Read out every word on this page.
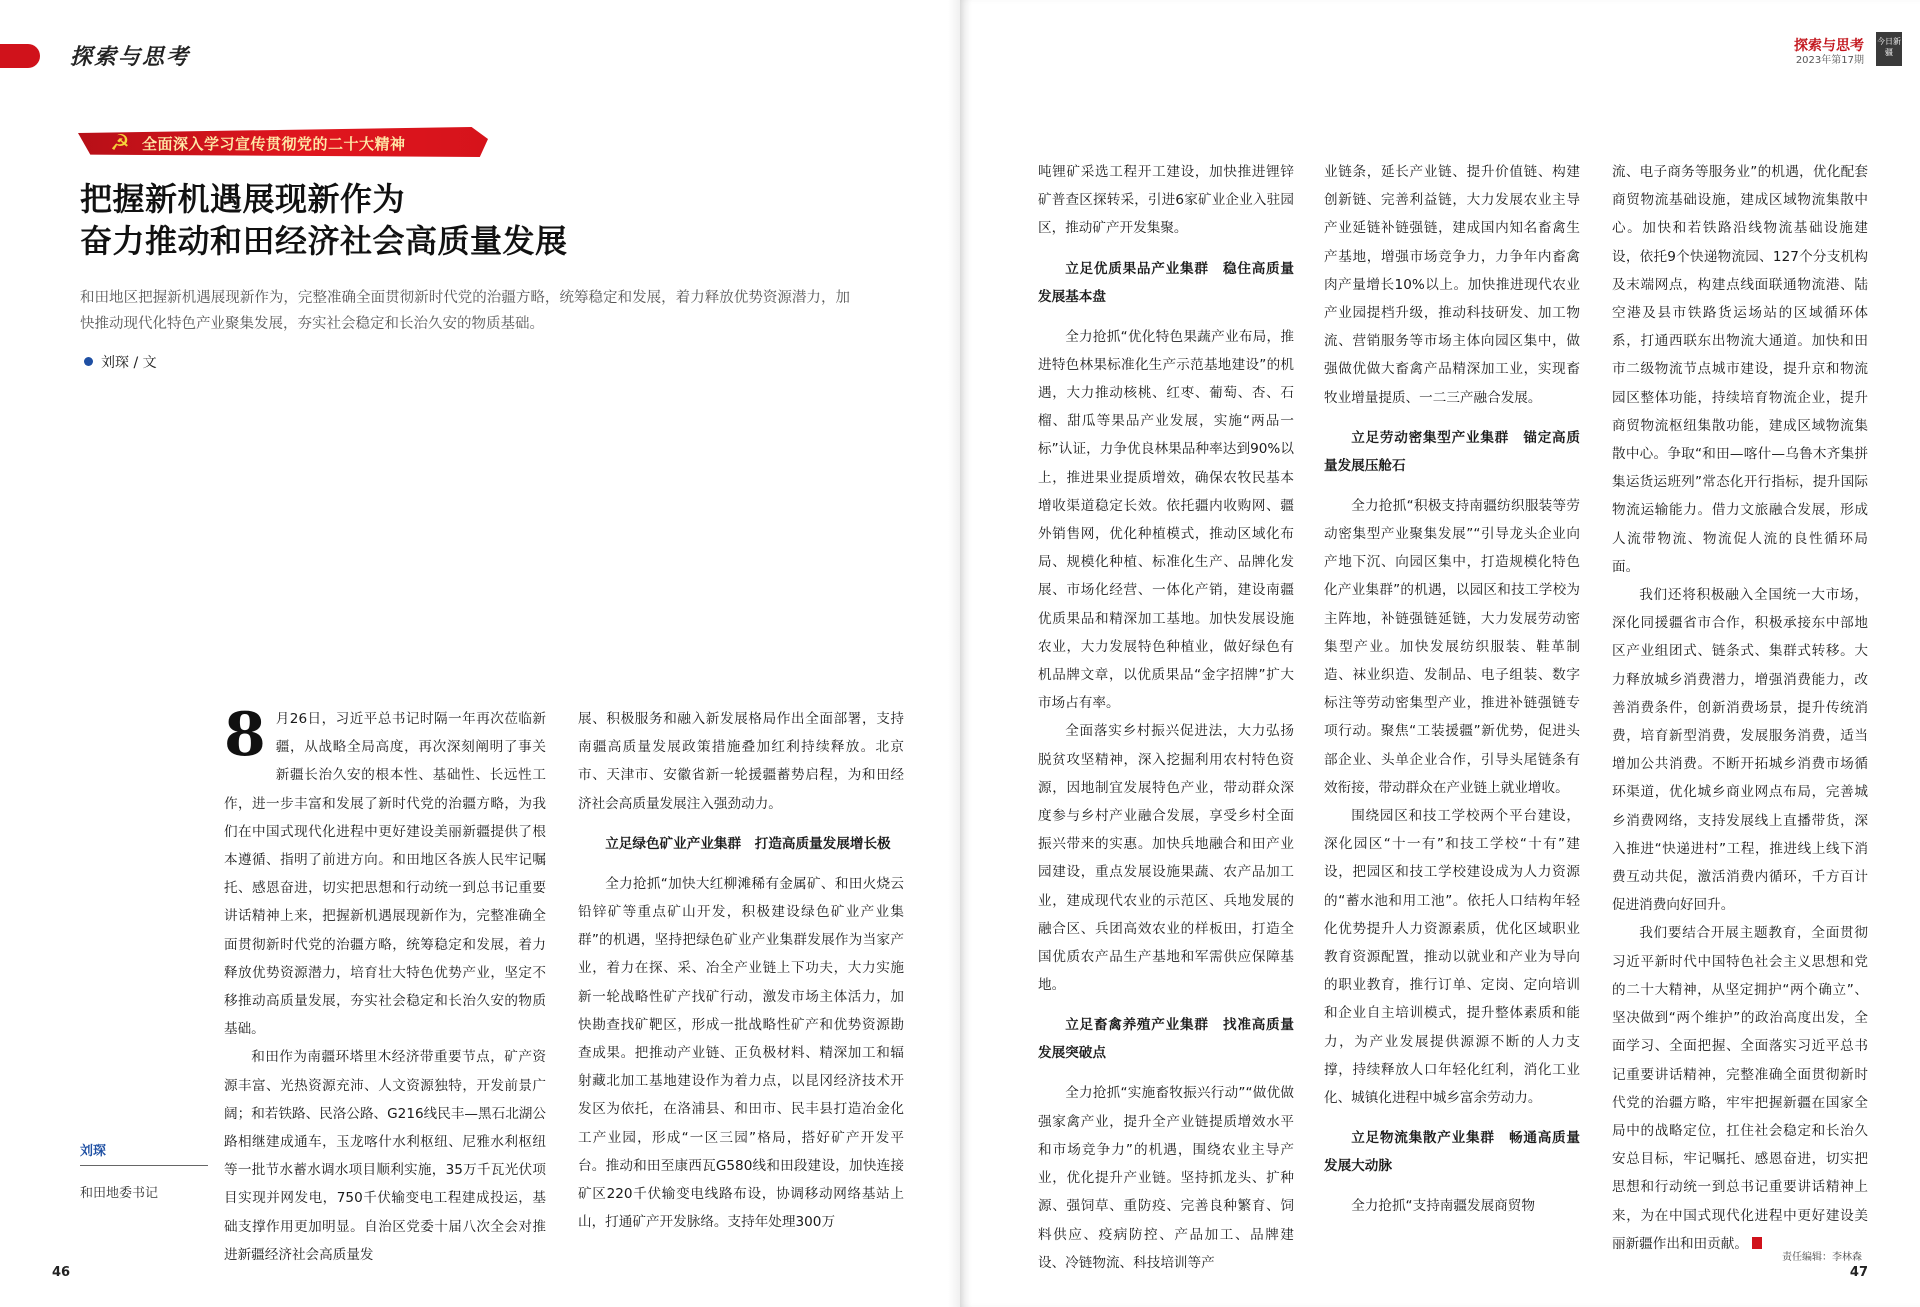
探索与思考
☭ 全面深入学习宣传贯彻党的二十大精神
把握新机遇展现新作为
奋力推动和田经济社会高质量发展
和田地区把握新机遇展现新作为，完整准确全面贯彻新时代党的治疆方略，统筹稳定和发展，着力释放优势资源潜力，加快推动现代化特色产业聚集发展，夯实社会稳定和长治久安的物质基础。
刘琛 / 文

8 月26日，习近平总书记时隔一年再次莅临新疆，从战略全局高度，再次深刻阐明了事关新疆长治久安的根本性、基础性、长远性工作，进一步丰富和发展了新时代党的治疆方略，为我们在中国式现代化进程中更好建设美丽新疆提供了根本遵循、指明了前进方向。和田地区各族人民牢记嘱托、感恩奋进，切实把思想和行动统一到总书记重要讲话精神上来，把握新机遇展现新作为，完整准确全面贯彻新时代党的治疆方略，统筹稳定和发展，着力释放优势资源潜力，培育壮大特色优势产业，坚定不移推动高质量发展，夯实社会稳定和长治久安的物质基础。

和田作为南疆环塔里木经济带重要节点，矿产资源丰富、光热资源充沛、人文资源独特，开发前景广阔；和若铁路、民洛公路、G216线民丰—黑石北湖公路相继建成通车，玉龙喀什水利枢纽、尼雅水利枢纽等一批节水蓄水调水项目顺利实施，35万千瓦光伏项目实现并网发电，750千伏输变电工程建成投运，基础支撑作用更加明显。自治区党委十届八次全会对推进新疆经济社会高质量发

展、积极服务和融入新发展格局作出全面部署，支持南疆高质量发展政策措施叠加红利持续释放。北京市、天津市、安徽省新一轮援疆蓄势启程，为和田经济社会高质量发展注入强劲动力。

立足绿色矿业产业集群　打造高质量发展增长极

全力抢抓“加快大红柳滩稀有金属矿、和田火烧云铅锌矿等重点矿山开发，积极建设绿色矿业产业集群”的机遇，坚持把绿色矿业产业集群发展作为当家产业，着力在探、采、冶全产业链上下功夫，大力实施新一轮战略性矿产找矿行动，激发市场主体活力，加快勘查找矿靶区，形成一批战略性矿产和优势资源勘查成果。把推动产业链、正负极材料、精深加工和辐射藏北加工基地建设作为着力点，以昆冈经济技术开发区为依托，在洛浦县、和田市、民丰县打造冶金化工产业园，形成“一区三园”格局，搭好矿产开发平台。推动和田至康西瓦G580线和田段建设，加快连接矿区220千伏输变电线路布设，协调移动网络基站上山，打通矿产开发脉络。支持年处理300万

刘琛
和田地委书记
46
探索与思考
2023年第17期
今日新疆
责任编辑：李林森
47

吨锂矿采选工程开工建设，加快推进锂锌矿普查区探转采，引进6家矿业企业入驻园区，推动矿产开发集聚。

立足优质果品产业集群　稳住高质量发展基本盘

全力抢抓“优化特色果蔬产业布局，推进特色林果标准化生产示范基地建设”的机遇，大力推动核桃、红枣、葡萄、杏、石榴、甜瓜等果品产业发展，实施“两品一标”认证，力争优良林果品种率达到90%以上，推进果业提质增效，确保农牧民基本增收渠道稳定长效。依托疆内收购网、疆外销售网，优化种植模式，推动区域化布局、规模化种植、标准化生产、品牌化发展、市场化经营、一体化产销，建设南疆优质果品和精深加工基地。加快发展设施农业，大力发展特色种植业，做好绿色有机品牌文章，以优质果品“金字招牌”扩大市场占有率。

全面落实乡村振兴促进法，大力弘扬脱贫攻坚精神，深入挖掘利用农村特色资源，因地制宜发展特色产业，带动群众深度参与乡村产业融合发展，享受乡村全面振兴带来的实惠。加快兵地融合和田产业园建设，重点发展设施果蔬、农产品加工业，建成现代农业的示范区、兵地发展的融合区、兵团高效农业的样板田，打造全国优质农产品生产基地和军需供应保障基地。

立足畜禽养殖产业集群　找准高质量发展突破点

全力抢抓“实施畜牧振兴行动”“做优做强家禽产业，提升全产业链提质增效水平和市场竞争力”的机遇，围绕农业主导产业，优化提升产业链。坚持抓龙头、扩种源、强饲草、重防疫、完善良种繁育、饲料供应、疫病防控、产品加工、品牌建设、冷链物流、科技培训等产

业链条，延长产业链、提升价值链、构建创新链、完善利益链，大力发展农业主导产业延链补链强链，建成国内知名畜禽生产基地，增强市场竞争力，力争年内畜禽肉产量增长10%以上。加快推进现代农业产业园提档升级，推动科技研发、加工物流、营销服务等市场主体向园区集中，做强做优做大畜禽产品精深加工业，实现畜牧业增量提质、一二三产融合发展。

立足劳动密集型产业集群　锚定高质量发展压舱石

全力抢抓“积极支持南疆纺织服装等劳动密集型产业聚集发展”“引导龙头企业向产地下沉、向园区集中，打造规模化特色化产业集群”的机遇，以园区和技工学校为主阵地，补链强链延链，大力发展劳动密集型产业。加快发展纺织服装、鞋革制造、袜业织造、发制品、电子组装、数字标注等劳动密集型产业，推进补链强链专项行动。聚焦“工装援疆”新优势，促进头部企业、头单企业合作，引导头尾链条有效衔接，带动群众在产业链上就业增收。

围绕园区和技工学校两个平台建设，深化园区“十一有”和技工学校“十有”建设，把园区和技工学校建设成为人力资源的“蓄水池和用工池”。依托人口结构年轻化优势提升人力资源素质，优化区域职业教育资源配置，推动以就业和产业为导向的职业教育，推行订单、定岗、定向培训和企业自主培训模式，提升整体素质和能力，为产业发展提供源源不断的人力支撑，持续释放人口年轻化红利，消化工业化、城镇化进程中城乡富余劳动力。

立足物流集散产业集群　畅通高质量发展大动脉

全力抢抓“支持南疆发展商贸物

流、电子商务等服务业”的机遇，优化配套商贸物流基础设施，建成区域物流集散中心。加快和若铁路沿线物流基础设施建设，依托9个快递物流园、127个分支机构及末端网点，构建点线面联通物流港、陆空港及县市铁路货运场站的区域循环体系，打通西联东出物流大通道。加快和田市二级物流节点城市建设，提升京和物流园区整体功能，持续培育物流企业，提升商贸物流枢纽集散功能，建成区域物流集散中心。争取“和田—喀什—乌鲁木齐集拼集运货运班列”常态化开行指标，提升国际物流运输能力。借力文旅融合发展，形成人流带物流、物流促人流的良性循环局面。

我们还将积极融入全国统一大市场，深化同援疆省市合作，积极承接东中部地区产业组团式、链条式、集群式转移。大力释放城乡消费潜力，增强消费能力，改善消费条件，创新消费场景，提升传统消费，培育新型消费，发展服务消费，适当增加公共消费。不断开拓城乡消费市场循环渠道，优化城乡商业网点布局，完善城乡消费网络，支持发展线上直播带货，深入推进“快递进村”工程，推进线上线下消费互动共促，激活消费内循环，千方百计促进消费向好回升。

我们要结合开展主题教育，全面贯彻习近平新时代中国特色社会主义思想和党的二十大精神，从坚定拥护“两个确立”、坚决做到“两个维护”的政治高度出发，全面学习、全面把握、全面落实习近平总书记重要讲话精神，完整准确全面贯彻新时代党的治疆方略，牢牢把握新疆在国家全局中的战略定位，扛住社会稳定和长治久安总目标，牢记嘱托、感恩奋进，切实把思想和行动统一到总书记重要讲话精神上来，为在中国式现代化进程中更好建设美丽新疆作出和田贡献。
